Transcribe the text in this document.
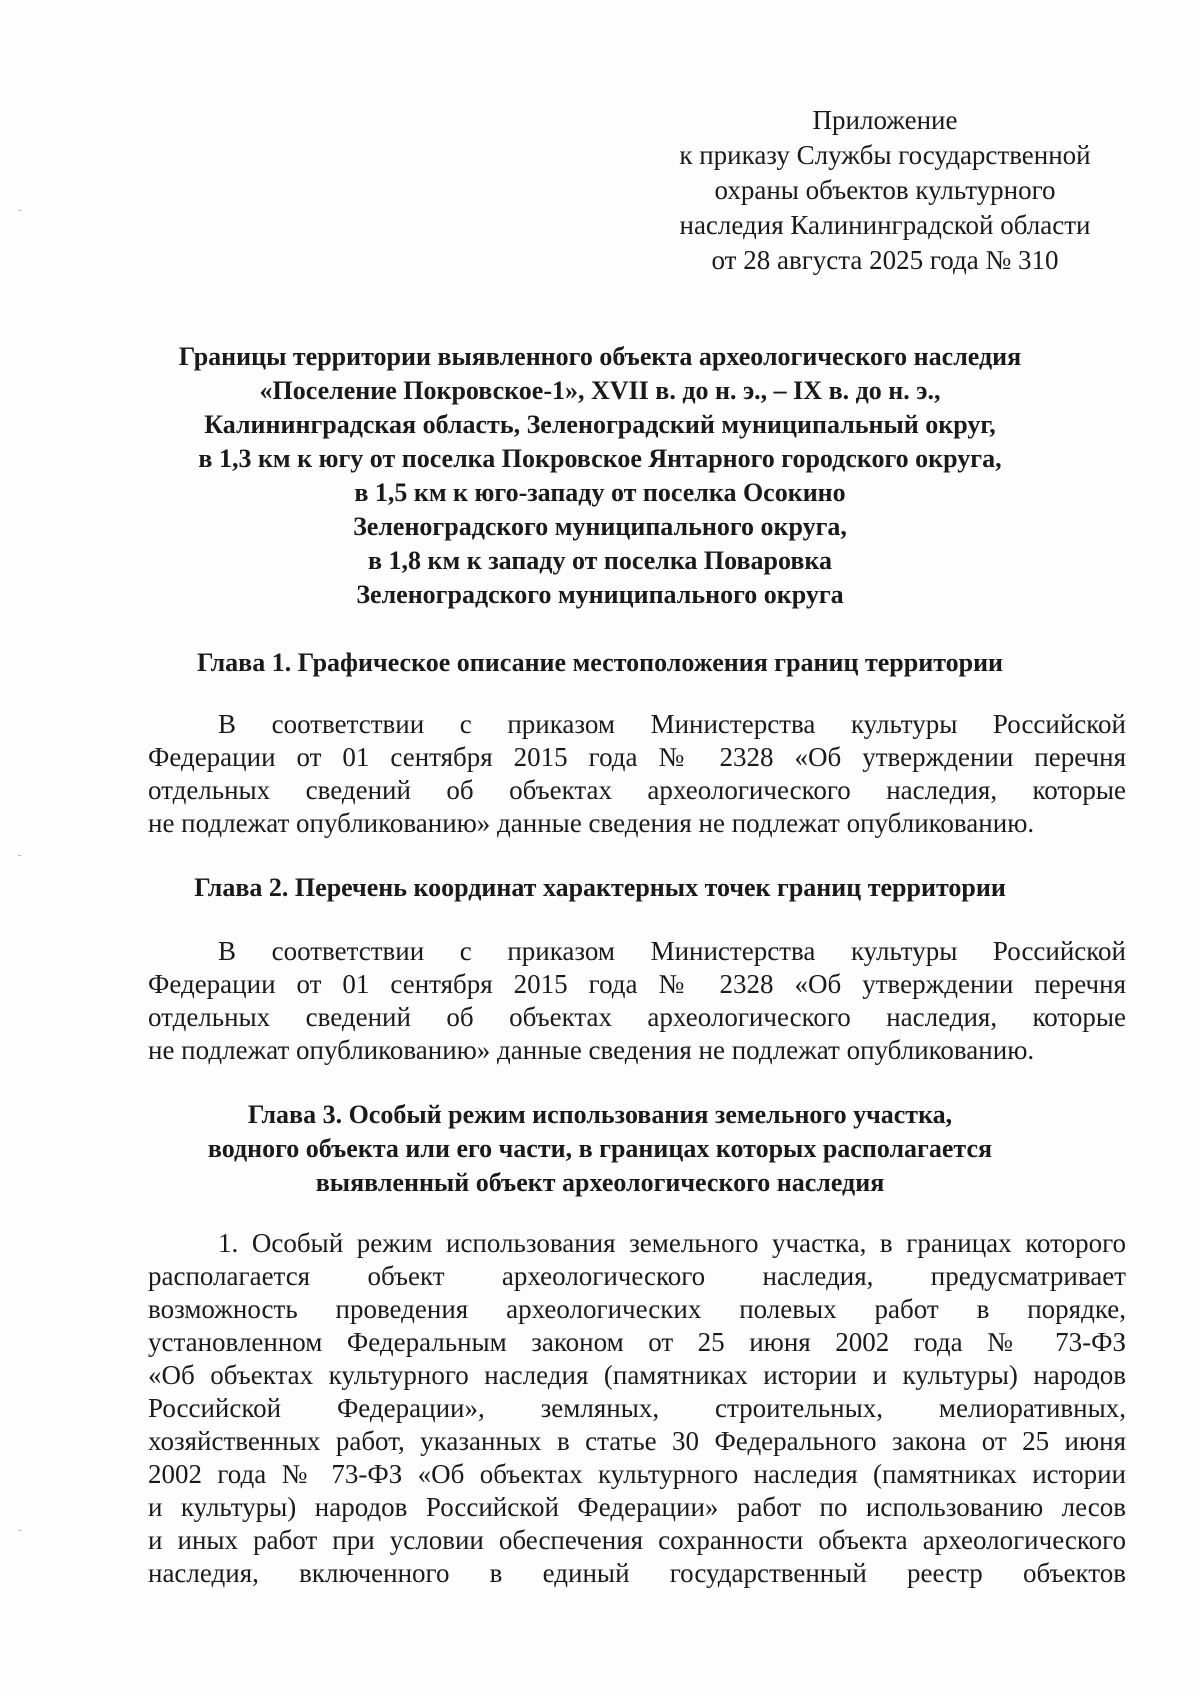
Приложение
к приказу Службы государственной
охраны объектов культурного
наследия Калининградской области
от 28 августа 2025 года № 310
Границы территории выявленного объекта археологического наследия
«Поселение Покровское-1», XVII в. до н. э., – IX в. до н. э.,
Калининградская область, Зеленоградский муниципальный округ,
в 1,3 км к югу от поселка Покровское Янтарного городского округа,
в 1,5 км к юго-западу от поселка Осокино
Зеленоградского муниципального округа,
в 1,8 км к западу от поселка Поваровка
Зеленоградского муниципального округа
Глава 1. Графическое описание местоположения границ территории
В соответствии с приказом Министерства культуры Российской
Федерации от 01 сентября 2015 года № 2328 «Об утверждении перечня
отдельных сведений об объектах археологического наследия, которые
не подлежат опубликованию» данные сведения не подлежат опубликованию.
Глава 2. Перечень координат характерных точек границ территории
В соответствии с приказом Министерства культуры Российской
Федерации от 01 сентября 2015 года № 2328 «Об утверждении перечня
отдельных сведений об объектах археологического наследия, которые
не подлежат опубликованию» данные сведения не подлежат опубликованию.
Глава 3. Особый режим использования земельного участка,
водного объекта или его части, в границах которых располагается
выявленный объект археологического наследия
1. Особый режим использования земельного участка, в границах которого
располагается объект археологического наследия, предусматривает
возможность проведения археологических полевых работ в порядке,
установленном Федеральным законом от 25 июня 2002 года № 73-ФЗ
«Об объектах культурного наследия (памятниках истории и культуры) народов
Российской Федерации», земляных, строительных, мелиоративных,
хозяйственных работ, указанных в статье 30 Федерального закона от 25 июня
2002 года № 73-ФЗ «Об объектах культурного наследия (памятниках истории
и культуры) народов Российской Федерации» работ по использованию лесов
и иных работ при условии обеспечения сохранности объекта археологического
наследия, включенного в единый государственный реестр объектов
